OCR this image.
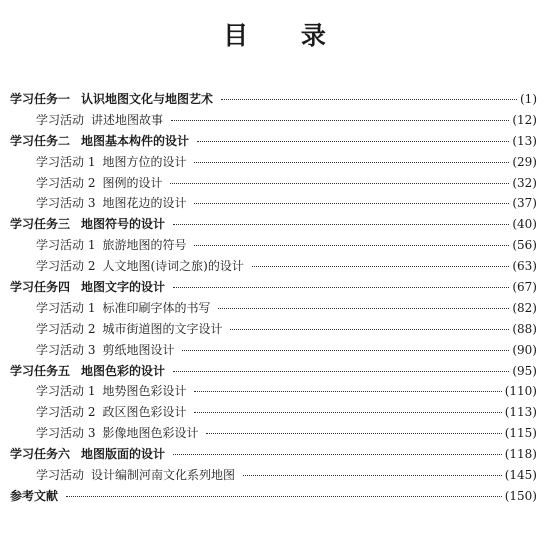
目 录
学习任务一 认识地图文化与地图艺术	(1)
学习活动 讲述地图故事	(12)
学习任务二 地图基本构件的设计	(13)
学习活动 1 地图方位的设计	(29)
学习活动 2 图例的设计	(32)
学习活动 3 地图花边的设计	(37)
学习任务三 地图符号的设计	(40)
学习活动 1 旅游地图的符号	(56)
学习活动 2 人文地图(诗词之旅)的设计	(63)
学习任务四 地图文字的设计	(67)
学习活动 1 标准印刷字体的书写	(82)
学习活动 2 城市街道图的文字设计	(88)
学习活动 3 剪纸地图设计	(90)
学习任务五 地图色彩的设计	(95)
学习活动 1 地势图色彩设计	(110)
学习活动 2 政区图色彩设计	(113)
学习活动 3 影像地图色彩设计	(115)
学习任务六 地图版面的设计	(118)
学习活动 设计编制河南文化系列地图	(145)
参考文献	(150)
